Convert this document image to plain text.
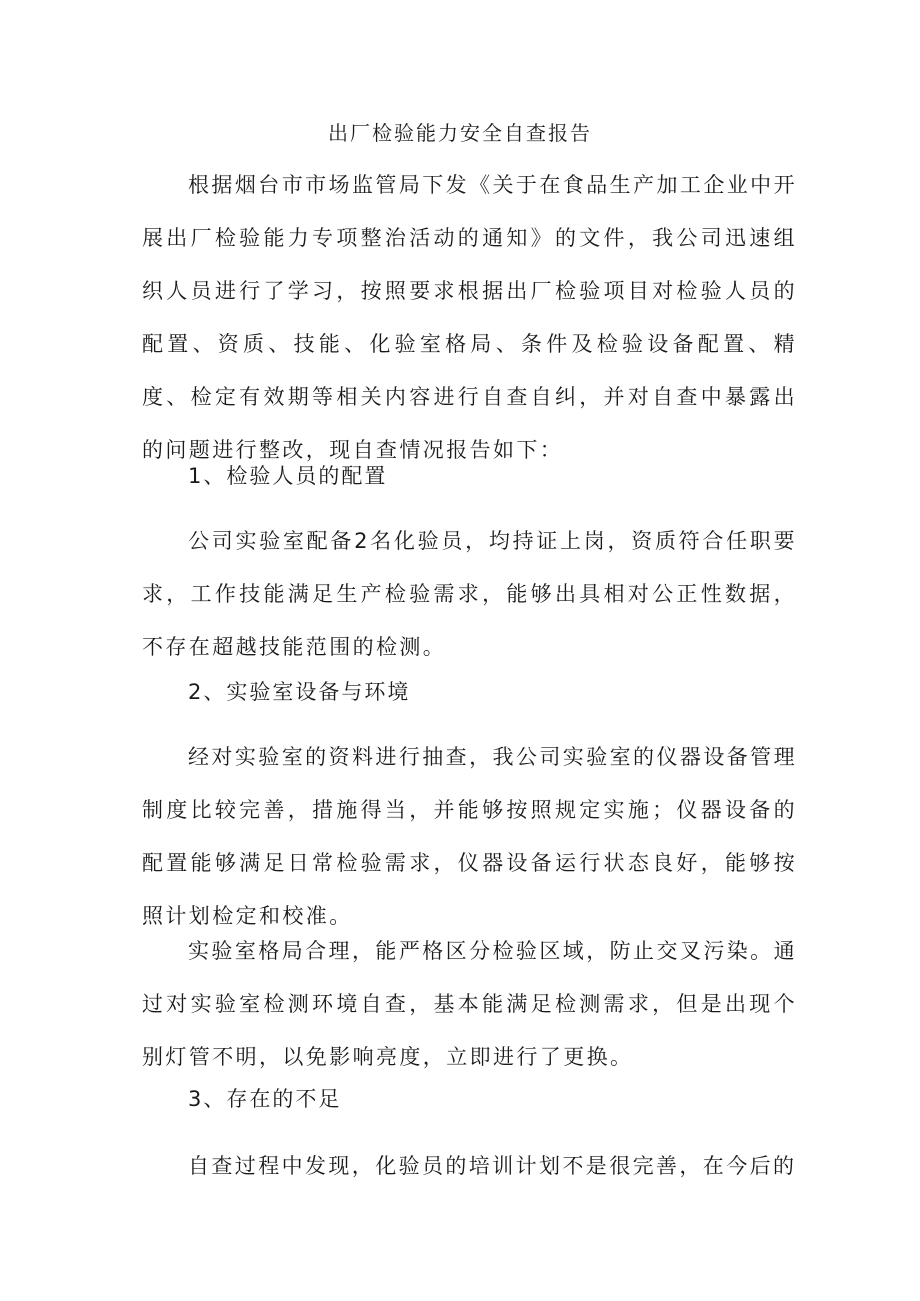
出厂检验能力安全自查报告
根据烟台市市场监管局下发《关于在食品生产加工企业中开展出厂检验能力专项整治活动的通知》的文件，我公司迅速组织人员进行了学习，按照要求根据出厂检验项目对检验人员的配置、资质、技能、化验室格局、条件及检验设备配置、精度、检定有效期等相关内容进行自查自纠，并对自查中暴露出的问题进行整改，现自查情况报告如下：
1、检验人员的配置
公司实验室配备2名化验员，均持证上岗，资质符合任职要求，工作技能满足生产检验需求，能够出具相对公正性数据，不存在超越技能范围的检测。
2、实验室设备与环境
经对实验室的资料进行抽查，我公司实验室的仪器设备管理制度比较完善，措施得当，并能够按照规定实施；仪器设备的配置能够满足日常检验需求，仪器设备运行状态良好，能够按照计划检定和校准。
实验室格局合理，能严格区分检验区域，防止交叉污染。通过对实验室检测环境自查，基本能满足检测需求，但是出现个别灯管不明，以免影响亮度，立即进行了更换。
3、存在的不足
自查过程中发现，化验员的培训计划不是很完善，在今后的
